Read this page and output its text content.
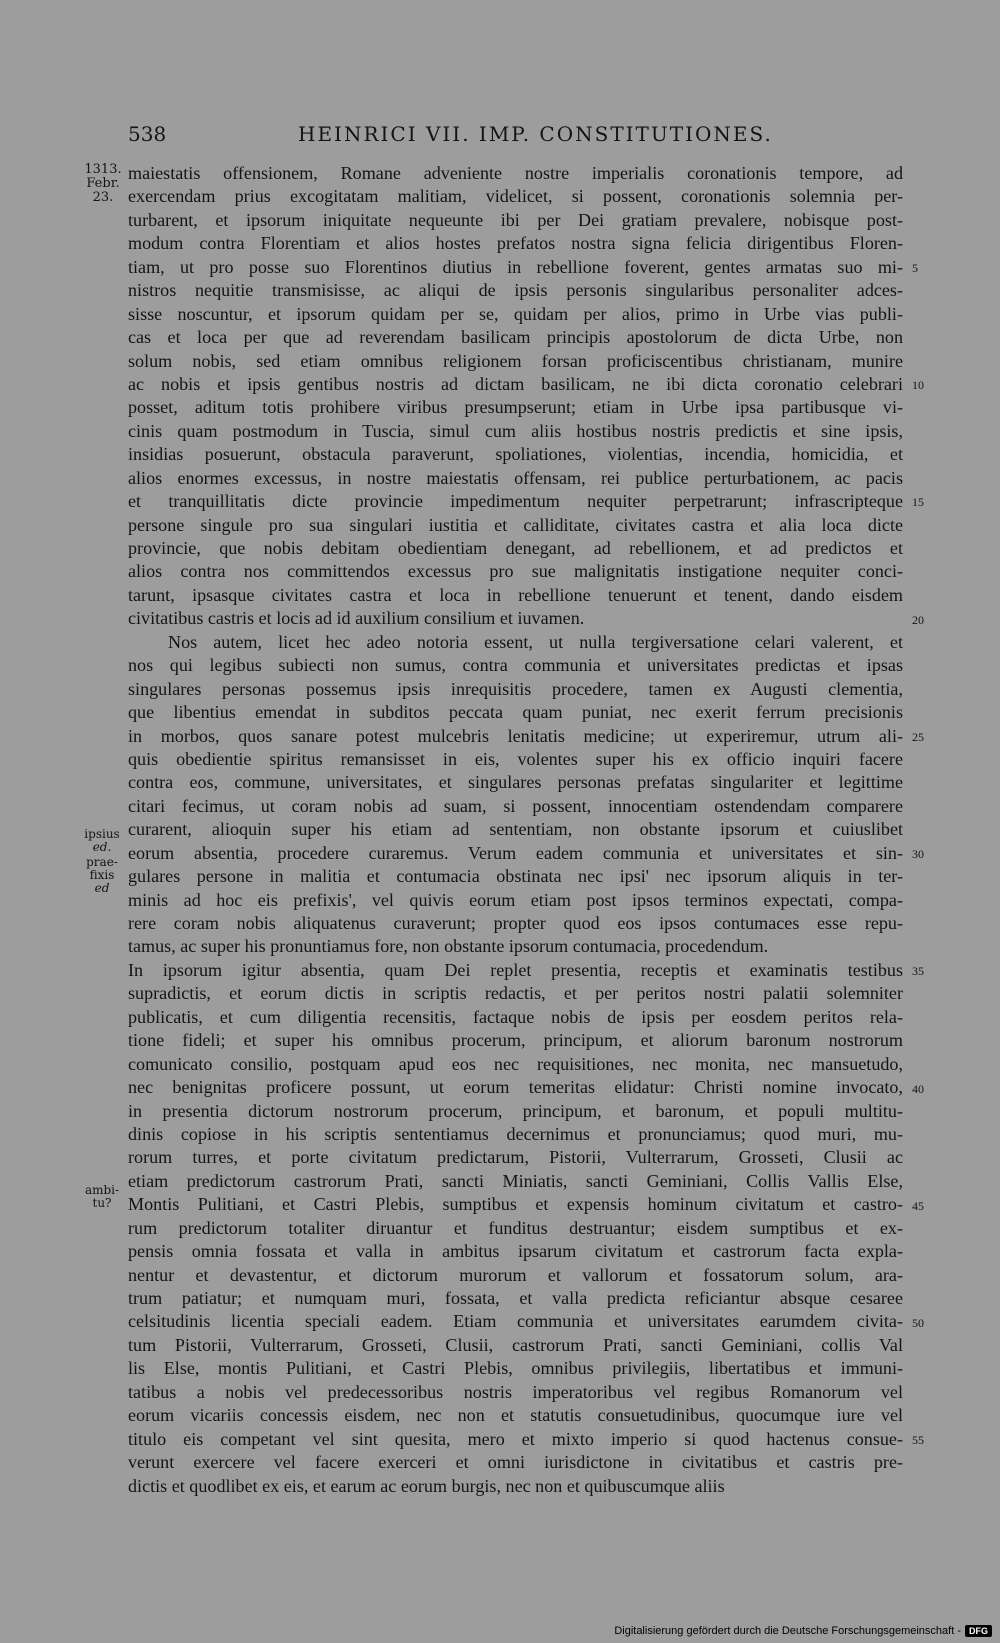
538	HEINRICI VII. IMP. CONSTITUTIONES.
1313.
Febr.
23.
maiestatis offensionem, Romane adveniente nostre imperialis coronationis tempore, ad
exercendam prius excogitatam malitiam, videlicet, si possent, coronationis solemnia per-
turbarent, et ipsorum iniquitate nequeunte ibi per Dei gratiam prevalere, nobisque post-
modum contra Florentiam et alios hostes prefatos nostra signa felicia dirigentibus Floren-
tiam, ut pro posse suo Florentinos diutius in rebellione foverent, gentes armatas suo mi-
nistros nequitie transmisisse, ac aliqui de ipsis personis singularibus personaliter adces-
sisse noscuntur, et ipsorum quidam per se, quidam per alios, primo in Urbe vias publi-
cas et loca per que ad reverendam basilicam principis apostolorum de dicta Urbe, non
solum nobis, sed etiam omnibus religionem forsan proficiscentibus christianam, munire
ac nobis et ipsis gentibus nostris ad dictam basilicam, ne ibi dicta coronatio celebrari
posset, aditum totis prohibere viribus presumpserunt; etiam in Urbe ipsa partibusque vi-
cinis quam postmodum in Tuscia, simul cum aliis hostibus nostris predictis et sine ipsis,
insidias posuerunt, obstacula paraverunt, spoliationes, violentias, incendia, homicidia, et
alios enormes excessus, in nostre maiestatis offensam, rei publice perturbationem, ac pacis
et tranquillitatis dicte provincie impedimentum nequiter perpetrarunt; infrascripteque
persone singule pro sua singulari iustitia et calliditate, civitates castra et alia loca dicte
provincie, que nobis debitam obedientiam denegant, ad rebellionem, et ad predictos et
alios contra nos committendos excessus pro sue malignitatis instigatione nequiter conci-
tarunt, ipsasque civitates castra et loca in rebellione tenuerunt et tenent, dando eisdem
civitatibus castris et locis ad id auxilium consilium et iuvamen.
Nos autem, licet hec adeo notoria essent, ut nulla tergiversatione celari valerent, et
nos qui legibus subiecti non sumus, contra communia et universitates predictas et ipsas
singulares personas possemus ipsis inrequisitis procedere, tamen ex Augusti clementia,
que libentius emendat in subditos peccata quam puniat, nec exerit ferrum precisionis
in morbos, quos sanare potest mulcebris lenitatis medicine; ut experiremur, utrum ali-
quis obedientie spiritus remansisset in eis, volentes super his ex officio inquiri facere
contra eos, commune, universitates, et singulares personas prefatas singulariter et legittime
citari fecimus, ut coram nobis ad suam, si possent, innocentiam ostendendam comparere
curarent, alioquin super his etiam ad sententiam, non obstante ipsorum et cuiuslibet
eorum absentia, procedere curaremus. Verum eadem communia et universitates et sin-
gulares persone in malitia et contumacia obstinata nec ipsi' nec ipsorum aliquis in ter-
minis ad hoc eis prefixis', vel quivis eorum etiam post ipsos terminos expectati, compa-
rere coram nobis aliquatenus curaverunt; propter quod eos ipsos contumaces esse repu-
tamus, ac super his pronuntiamus fore, non obstante ipsorum contumacia, procedendum.
In ipsorum igitur absentia, quam Dei replet presentia, receptis et examinatis testibus
supradictis, et eorum dictis in scriptis redactis, et per peritos nostri palatii solemniter
publicatis, et cum diligentia recensitis, factaque nobis de ipsis per eosdem peritos rela-
tione fideli; et super his omnibus procerum, principum, et aliorum baronum nostrorum
comunicato consilio, postquam apud eos nec requisitiones, nec monita, nec mansuetudo,
nec benignitas proficere possunt, ut eorum temeritas elidatur: Christi nomine invocato,
in presentia dictorum nostrorum procerum, principum, et baronum, et populi multitu-
dinis copiose in his scriptis sententiamus decernimus et pronunciamus; quod muri, mu-
rorum turres, et porte civitatum predictarum, Pistorii, Vulterrarum, Grosseti, Clusii ac
etiam predictorum castrorum Prati, sancti Miniatis, sancti Geminiani, Collis Vallis Else,
Montis Pulitiani, et Castri Plebis, sumptibus et expensis hominum civitatum et castro-
rum predictorum totaliter diruantur et funditus destruantur; eisdem sumptibus et ex-
pensis omnia fossata et valla in ambitus ipsarum civitatum et castrorum facta expla-
nentur et devastentur, et dictorum murorum et vallorum et fossatorum solum, ara-
trum patiatur; et numquam muri, fossata, et valla predicta reficiantur absque cesaree
celsitudinis licentia speciali eadem. Etiam communia et universitates earumdem civita-
tum Pistorii, Vulterrarum, Grosseti, Clusii, castrorum Prati, sancti Geminiani, collis Val
lis Else, montis Pulitiani, et Castri Plebis, omnibus privilegiis, libertatibus et immuni-
tatibus a nobis vel predecessoribus nostris imperatoribus vel regibus Romanorum vel
eorum vicariis concessis eisdem, nec non et statutis consuetudinibus, quocumque iure vel
titulo eis competant vel sint quesita, mero et mixto imperio si quod hactenus consue-
verunt exercere vel facere exerceri et omni iurisdictone in civitatibus et castris pre-
dictis et quodlibet ex eis, et earum ac eorum burgis, nec non et quibuscumque aliis
5
10
15
20
25
30
35
40
45
50
55
ipsius
ed.
prae-
fixis
ed
ambi-
tu?
Digitalisierung gefördert durch die Deutsche Forschungsgemeinschaft - DFG
